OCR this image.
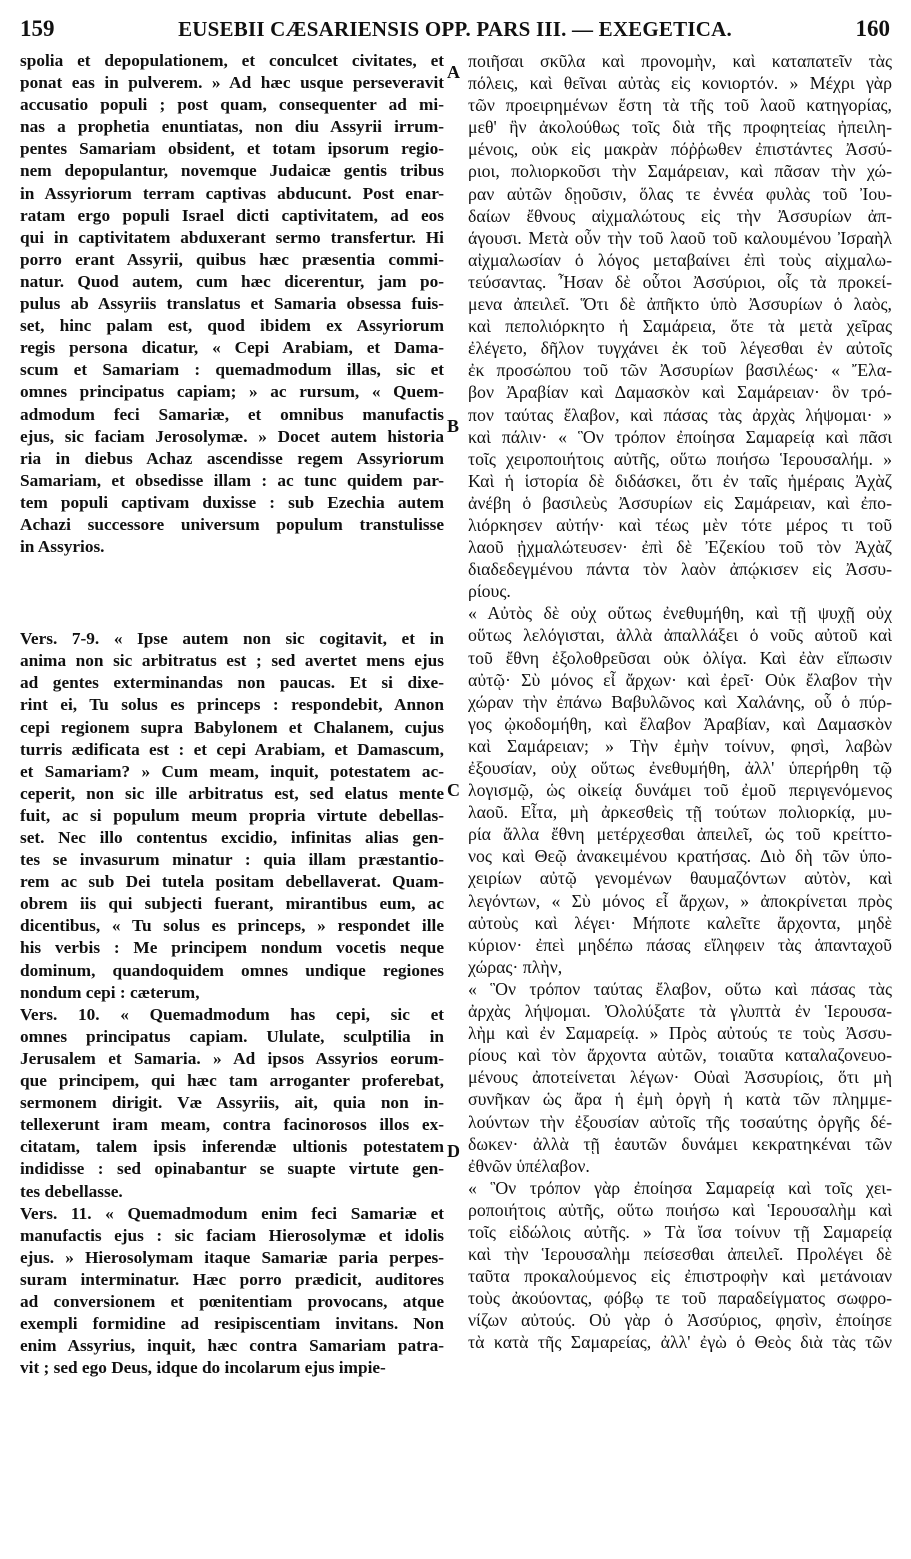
159	EUSEBII CÆSARIENSIS OPP. PARS III. — EXEGETICA.	160
spolia et depopulationem, et conculcet civitates, et
ponat eas in pulverem. » Ad hæc usque perseveravit
accusatio populi ; post quam, consequenter ad mi-
nas a prophetia enuntiatas, non diu Assyrii irrum-
pentes Samariam obsident, et totam ipsorum regio-
nem depopulantur, novemque Judaicæ gentis tribus
in Assyriorum terram captivas abducunt. Post enar-
ratam ergo populi Israel dicti captivitatem, ad eos
qui in captivitatem abduxerant sermo transfertur. Hi
porro erant Assyrii, quibus hæc præsentia commi-
natur. Quod autem, cum hæc dicerentur, jam po-
pulus ab Assyriis translatus et Samaria obsessa fuis-
set, hinc palam est, quod ibidem ex Assyriorum
regis persona dicatur, « Cepi Arabiam, et Dama-
scum et Samariam : quemadmodum illas, sic et
omnes principatus capiam; » ac rursum, « Quem-
admodum feci Samariæ, et omnibus manufactis
ejus, sic faciam Jerosolymæ. » Docet autem historia
ria in diebus Achaz ascendisse regem Assyriorum
Samariam, et obsedisse illam : ac tunc quidem par-
tem populi captivam duxisse : sub Ezechia autem
Achazi successore universum populum transtulisse
in Assyrios.
Vers. 7-9. « Ipse autem non sic cogitavit, et in
anima non sic arbitratus est ; sed avertet mens ejus
ad gentes exterminandas non paucas. Et si dixe-
rint ei, Tu solus es princeps : respondebit, Annon
cepi regionem supra Babylonem et Chalanem, cujus
turris ædificata est : et cepi Arabiam, et Damascum,
et Samariam? » Cum meam, inquit, potestatem ac-
ceperit, non sic ille arbitratus est, sed elatus mente
fuit, ac si populum meum propria virtute debellas-
set. Nec illo contentus excidio, infinitas alias gen-
tes se invasurum minatur : quia illam præstantio-
rem ac sub Dei tutela positam debellaverat. Quam-
obrem iis qui subjecti fuerant, mirantibus eum, ac
dicentibus, « Tu solus es princeps, » respondet ille
his verbis : Me principem nondum vocetis neque
dominum, quandoquidem omnes undique regiones
nondum cepi : cæterum,
Vers. 10. « Quemadmodum has cepi, sic et
omnes principatus capiam. Ululate, sculptilia in
Jerusalem et Samaria. » Ad ipsos Assyrios eorum-
que principem, qui hæc tam arroganter proferebat,
sermonem dirigit. Væ Assyriis, ait, quia non in-
tellexerunt iram meam, contra facinorosos illos ex-
citatam, talem ipsis inferendæ ultionis potestatem
indidisse : sed opinabantur se suapte virtute gen-
tes debellasse.
Vers. 11. « Quemadmodum enim feci Samariæ et
manufactis ejus : sic faciam Hierosolymæ et idolis
ejus. » Hierosolymam itaque Samariæ paria perpes-
suram interminatur. Hæc porro prædicit, auditores
ad conversionem et pœnitentiam provocans, atque
exempli formidine ad resipiscentiam invitans. Non
enim Assyrius, inquit, hæc contra Samariam patra-
vit ; sed ego Deus, idque do incolarum ejus impie-
A
B
C
D
ποιῆσαι σκῦλα καὶ προνομὴν, καὶ καταπατεῖν τὰς
πόλεις, καὶ θεῖναι αὐτὰς εἰς κονιορτόν. » Μέχρι γὰρ
τῶν προειρημένων ἔστη τὰ τῆς τοῦ λαοῦ κατηγορίας,
μεθ' ἣν ἀκολούθως τοῖς διὰ τῆς προφητείας ἠπειλη-
μένοις, οὐκ εἰς μακρὰν πόῤῥωθεν ἐπιστάντες Ἀσσύ-
ριοι, πολιορκοῦσι τὴν Σαμάρειαν, καὶ πᾶσαν τὴν χώ-
ραν αὐτῶν δῃοῦσιν, ὅλας τε ἐννέα φυλὰς τοῦ Ἰου-
δαίων ἔθνους αἰχμαλώτους εἰς τὴν Ἀσσυρίων ἀπ-
άγουσι. Μετὰ οὖν τὴν τοῦ λαοῦ τοῦ καλουμένου Ἰσραὴλ
αἰχμαλωσίαν ὁ λόγος μεταβαίνει ἐπὶ τοὺς αἰχμαλω-
τεύσαντας. Ἦσαν δὲ οὗτοι Ἀσσύριοι, οἷς τὰ προκεί-
μενα ἀπειλεῖ. Ὅτι δὲ ἀπῆκτο ὑπὸ Ἀσσυρίων ὁ λαὸς,
καὶ πεπολιόρκητο ἡ Σαμάρεια, ὅτε τὰ μετὰ χεῖρας
ἐλέγετο, δῆλον τυγχάνει ἐκ τοῦ λέγεσθαι ἐν αὐτοῖς
ἐκ προσώπου τοῦ τῶν Ἀσσυρίων βασιλέως· « Ἔλα-
βον Ἀραβίαν καὶ Δαμασκὸν καὶ Σαμάρειαν· ὃν τρό-
πον ταύτας ἔλαβον, καὶ πάσας τὰς ἀρχὰς λήψομαι· »
καὶ πάλιν· « Ὃν τρόπον ἐποίησα Σαμαρείᾳ καὶ πᾶσι
τοῖς χειροποιήτοις αὐτῆς, οὕτω ποιήσω Ἱερουσαλήμ. »
Καὶ ἡ ἱστορία δὲ διδάσκει, ὅτι ἐν ταῖς ἡμέραις Ἀχὰζ
ἀνέβη ὁ βασιλεὺς Ἀσσυρίων εἰς Σαμάρειαν, καὶ ἐπο-
λιόρκησεν αὐτήν· καὶ τέως μὲν τότε μέρος τι τοῦ
λαοῦ ᾐχμαλώτευσεν· ἐπὶ δὲ Ἐζεκίου τοῦ τὸν Ἀχὰζ
διαδεδεγμένου πάντα τὸν λαὸν ἀπῴκισεν εἰς Ἀσσυ-
ρίους.
« Αὐτὸς δὲ οὐχ οὕτως ἐνεθυμήθη, καὶ τῇ ψυχῇ οὐχ
οὕτως λελόγισται, ἀλλὰ ἀπαλλάξει ὁ νοῦς αὐτοῦ καὶ
τοῦ ἔθνη ἐξολοθρεῦσαι οὐκ ὀλίγα. Καὶ ἐὰν εἴπωσιν
αὐτῷ· Σὺ μόνος εἶ ἄρχων· καὶ ἐρεῖ· Οὐκ ἔλαβον τὴν
χώραν τὴν ἐπάνω Βαβυλῶνος καὶ Χαλάνης, οὗ ὁ πύρ-
γος ᾠκοδομήθη, καὶ ἔλαβον Ἀραβίαν, καὶ Δαμασκὸν
καὶ Σαμάρειαν; » Τὴν ἐμὴν τοίνυν, φησὶ, λαβὼν
ἐξουσίαν, οὐχ οὕτως ἐνεθυμήθη, ἀλλ' ὑπερήρθη τῷ
λογισμῷ, ὡς οἰκείᾳ δυνάμει τοῦ ἐμοῦ περιγενόμενος
λαοῦ. Εἶτα, μὴ ἀρκεσθεὶς τῇ τούτων πολιορκίᾳ, μυ-
ρία ἄλλα ἔθνη μετέρχεσθαι ἀπειλεῖ, ὡς τοῦ κρείττο-
νος καὶ Θεῷ ἀνακειμένου κρατήσας. Διὸ δὴ τῶν ὑπο-
χειρίων αὐτῷ γενομένων θαυμαζόντων αὐτὸν, καὶ
λεγόντων, « Σὺ μόνος εἶ ἄρχων, » ἀποκρίνεται πρὸς
αὐτοὺς καὶ λέγει· Μήποτε καλεῖτε ἄρχοντα, μηδὲ
κύριον· ἐπεὶ μηδέπω πάσας εἴληφειν τὰς ἁπανταχοῦ
χώρας· πλὴν,
« Ὃν τρόπον ταύτας ἔλαβον, οὕτω καὶ πάσας τὰς
ἀρχὰς λήψομαι. Ὀλολύξατε τὰ γλυπτὰ ἐν Ἱερουσα-
λὴμ καὶ ἐν Σαμαρείᾳ. » Πρὸς αὐτούς τε τοὺς Ἀσσυ-
ρίους καὶ τὸν ἄρχοντα αὐτῶν, τοιαῦτα καταλαζονευο-
μένους ἀποτείνεται λέγων· Οὐαὶ Ἀσσυρίοις, ὅτι μὴ
συνῆκαν ὡς ἄρα ἡ ἐμὴ ὀργὴ ἡ κατὰ τῶν πλημμε-
λούντων τὴν ἐξουσίαν αὐτοῖς τῆς τοσαύτης ὀργῆς δέ-
δωκεν· ἀλλὰ τῇ ἑαυτῶν δυνάμει κεκρατηκέναι τῶν
ἐθνῶν ὑπέλαβον.
« Ὃν τρόπον γὰρ ἐποίησα Σαμαρείᾳ καὶ τοῖς χει-
ροποιήτοις αὐτῆς, οὕτω ποιήσω καὶ Ἱερουσαλὴμ καὶ
τοῖς εἰδώλοις αὐτῆς. » Τὰ ἴσα τοίνυν τῇ Σαμαρείᾳ
καὶ τὴν Ἱερουσαλὴμ πείσεσθαι ἀπειλεῖ. Προλέγει δὲ
ταῦτα προκαλούμενος εἰς ἐπιστροφὴν καὶ μετάνοιαν
τοὺς ἀκούοντας, φόβῳ τε τοῦ παραδείγματος σωφρο-
νίζων αὐτούς. Οὐ γὰρ ὁ Ἀσσύριος, φησὶν, ἐποίησε
τὰ κατὰ τῆς Σαμαρείας, ἀλλ' ἐγὼ ὁ Θεὸς διὰ τὰς τῶν
